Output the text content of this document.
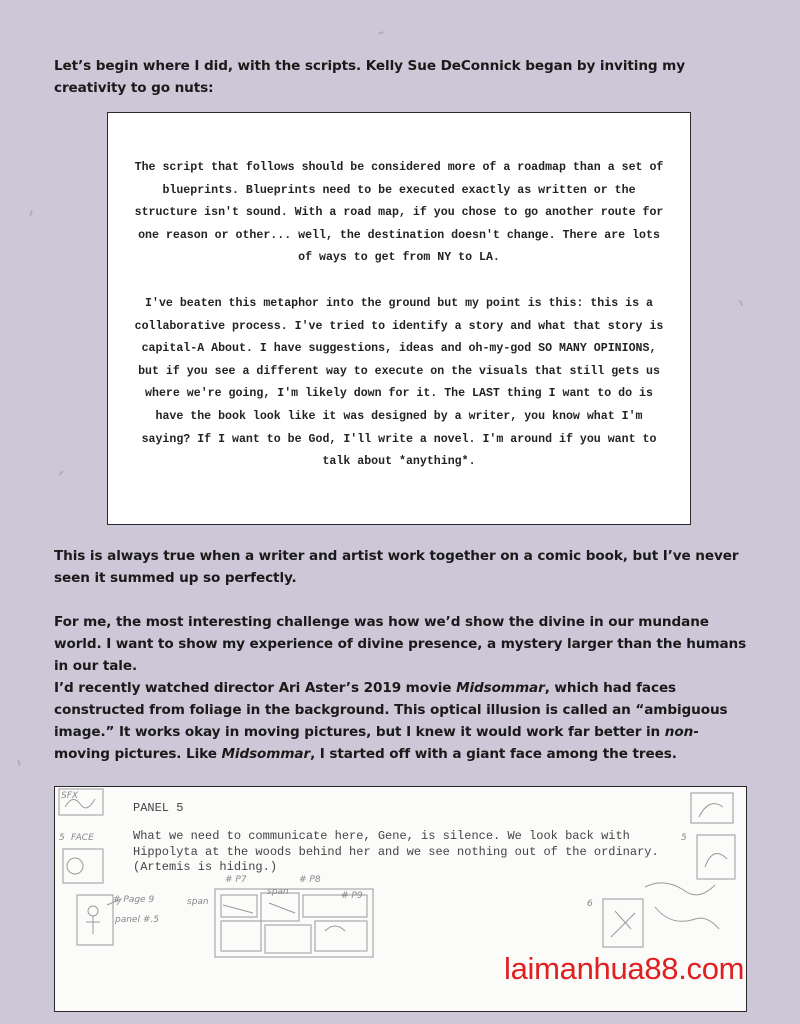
Let’s begin where I did, with the scripts. Kelly Sue DeConnick began by inviting my creativity to go nuts:

The script that follows should be considered more of a roadmap than a set of blueprints. Blueprints need to be executed exactly as written or the structure isn't sound. With a road map, if you chose to go another route for one reason or other... well, the destination doesn't change. There are lots of ways to get from NY to LA.

I've beaten this metaphor into the ground but my point is this: this is a collaborative process. I've tried to identify a story and what that story is capital-A About. I have suggestions, ideas and oh-my-god SO MANY OPINIONS, but if you see a different way to execute on the visuals that still gets us where we're going, I'm likely down for it. The LAST thing I want to do is have the book look like it was designed by a writer, you know what I'm saying? If I want to be God, I'll write a novel. I'm around if you want to talk about *anything*.

This is always true when a writer and artist work together on a comic book, but I’ve never seen it summed up so perfectly.

For me, the most interesting challenge was how we’d show the divine in our mundane world. I want to show my experience of divine presence, a mystery larger than the humans in our tale.

I’d recently watched director Ari Aster’s 2019 movie Midsommar, which had faces constructed from foliage in the background. This optical illusion is called an “ambiguous image.” It works okay in moving pictures, but I knew it would work far better in non-moving pictures. Like Midsommar, I started off with a giant face among the trees.

PANEL 5
What we need to communicate here, Gene, is silence. We look back with Hippolyta at the woods behind her and we see nothing out of the ordinary. (Artemis is hiding.)
SFX
5 FACE
# Page 9
panel #.5
# P7	# P8
# P9
span
span
5
6
laimanhua88.com
